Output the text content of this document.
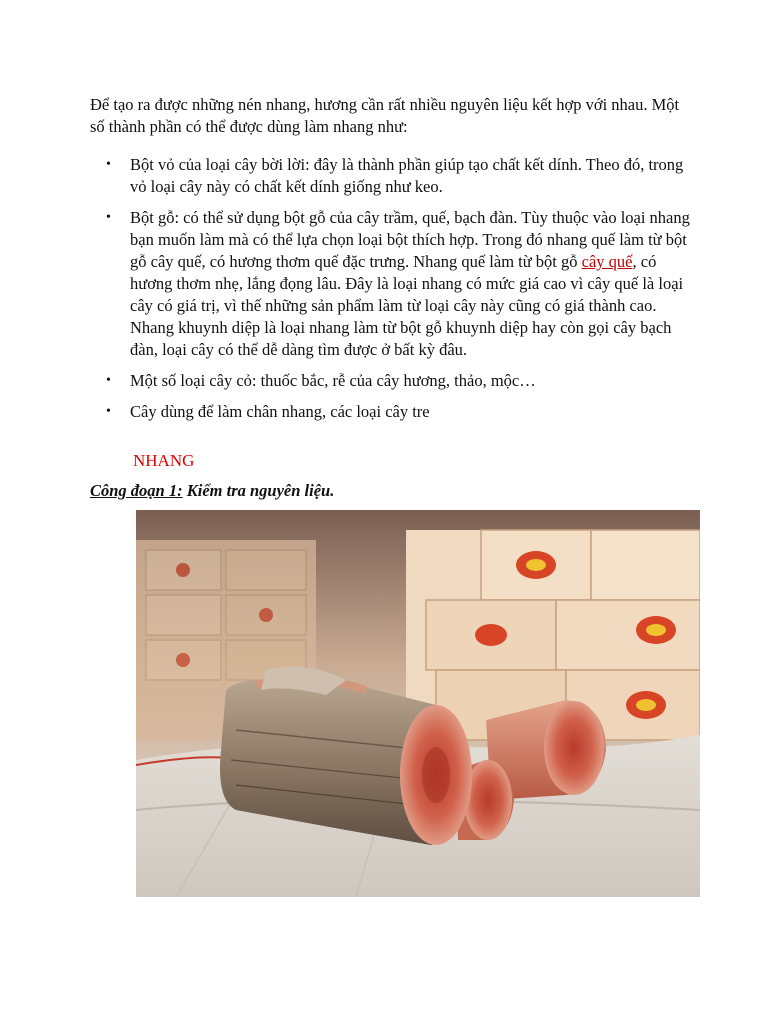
Để tạo ra được những nén nhang, hương cần rất nhiều nguyên liệu kết hợp với nhau. Một số thành phần có thể được dùng làm nhang như:

• Bột vỏ của loại cây bời lời: đây là thành phần giúp tạo chất kết dính. Theo đó, trong vỏ loại cây này có chất kết dính giống như keo.
• Bột gỗ: có thể sử dụng bột gỗ của cây trầm, quế, bạch đàn. Tùy thuộc vào loại nhang bạn muốn làm mà có thể lựa chọn loại bột thích hợp. Trong đó nhang quế làm từ bột gỗ cây quế, có hương thơm quế đặc trưng. Nhang quế làm từ bột gỗ cây quế, có hương thơm nhẹ, lắng đọng lâu. Đây là loại nhang có mức giá cao vì cây quế là loại cây có giá trị, vì thế những sản phẩm làm từ loại cây này cũng có giá thành cao. Nhang khuynh diệp là loại nhang làm từ bột gỗ khuynh diệp hay còn gọi cây bạch đàn, loại cây có thể dễ dàng tìm được ở bất kỳ đâu.
• Một số loại cây cỏ: thuốc bắc, rễ của cây hương, thảo, mộc…
• Cây dùng để làm chân nhang, các loại cây tre

NHANG

Công đoạn 1: Kiểm tra nguyên liệu.
